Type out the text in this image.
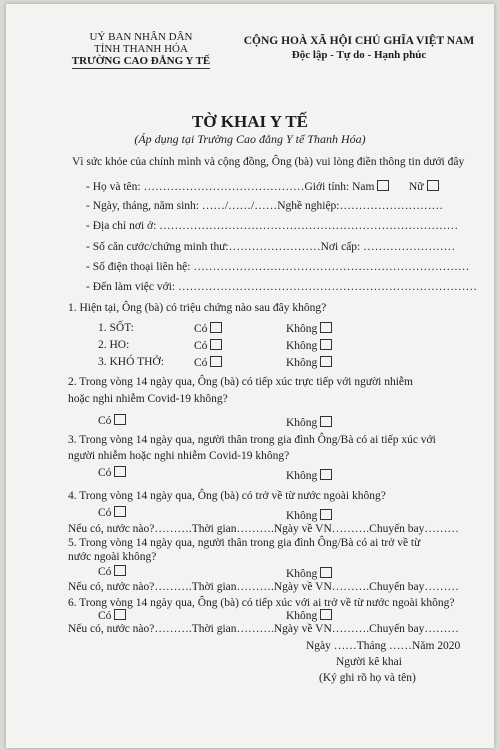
UỶ BAN NHÂN DÂN
TỈNH THANH HÓA
TRƯỜNG CAO ĐẲNG Y TẾ
CỘNG HOÀ XÃ HỘI CHỦ GHĨA VIỆT NAM
Độc lập - Tự do - Hạnh phúc
TỜ KHAI Y TẾ
(Áp dụng tại Trường Cao đẳng Y tế Thanh Hóa)
Vì sức khỏe của chính mình và cộng đồng, Ông (bà) vui lòng điền thông tin dưới đây
- Họ và tên: ……………………………………Giới tính: Nam	Nữ
- Ngày, tháng, năm sinh: ……/……/……Nghề nghiệp:………………………
- Địa chỉ nơi ở: ……………………………………………………………………
- Số căn cước/chứng minh thư:……………………Nơi cấp: ……………………
- Số điện thoại liên hệ: ………………………………………………………………
- Đến làm việc với: ……………………………………………………………………
1. Hiện tại, Ông (bà) có triệu chứng nào sau đây không?
1. SỐT:	Có	Không
2. HO:	Có	Không
3. KHÓ THỞ:	Có	Không
2. Trong vòng 14 ngày qua, Ông (bà) có tiếp xúc trực tiếp với người nhiễm
hoặc nghi nhiễm Covid-19 không?
Có	Không
3. Trong vòng 14 ngày qua, người thân trong gia đình Ông/Bà có ai tiếp xúc với
người nhiễm hoặc nghi nhiễm Covid-19 không?
Có	Không
4. Trong vòng 14 ngày qua, Ông (bà) có trở về từ nước ngoài không?
Có	Không
Nếu có, nước nào?……….Thời gian……….Ngày về VN……….Chuyến bay………
5. Trong vòng 14 ngày qua, người thân trong gia đình Ông/Bà có ai trở về từ
nước ngoài không?
Có	Không
Nếu có, nước nào?……….Thời gian……….Ngày về VN……….Chuyến bay………
6. Trong vòng 14 ngày qua, Ông (bà) có tiếp xúc với ai trở về từ nước ngoài không?
Có	Không
Nếu có, nước nào?……….Thời gian……….Ngày về VN……….Chuyến bay………
Ngày ……Tháng ……Năm 2020
Người kê khai
(Ký ghi rõ họ và tên)
